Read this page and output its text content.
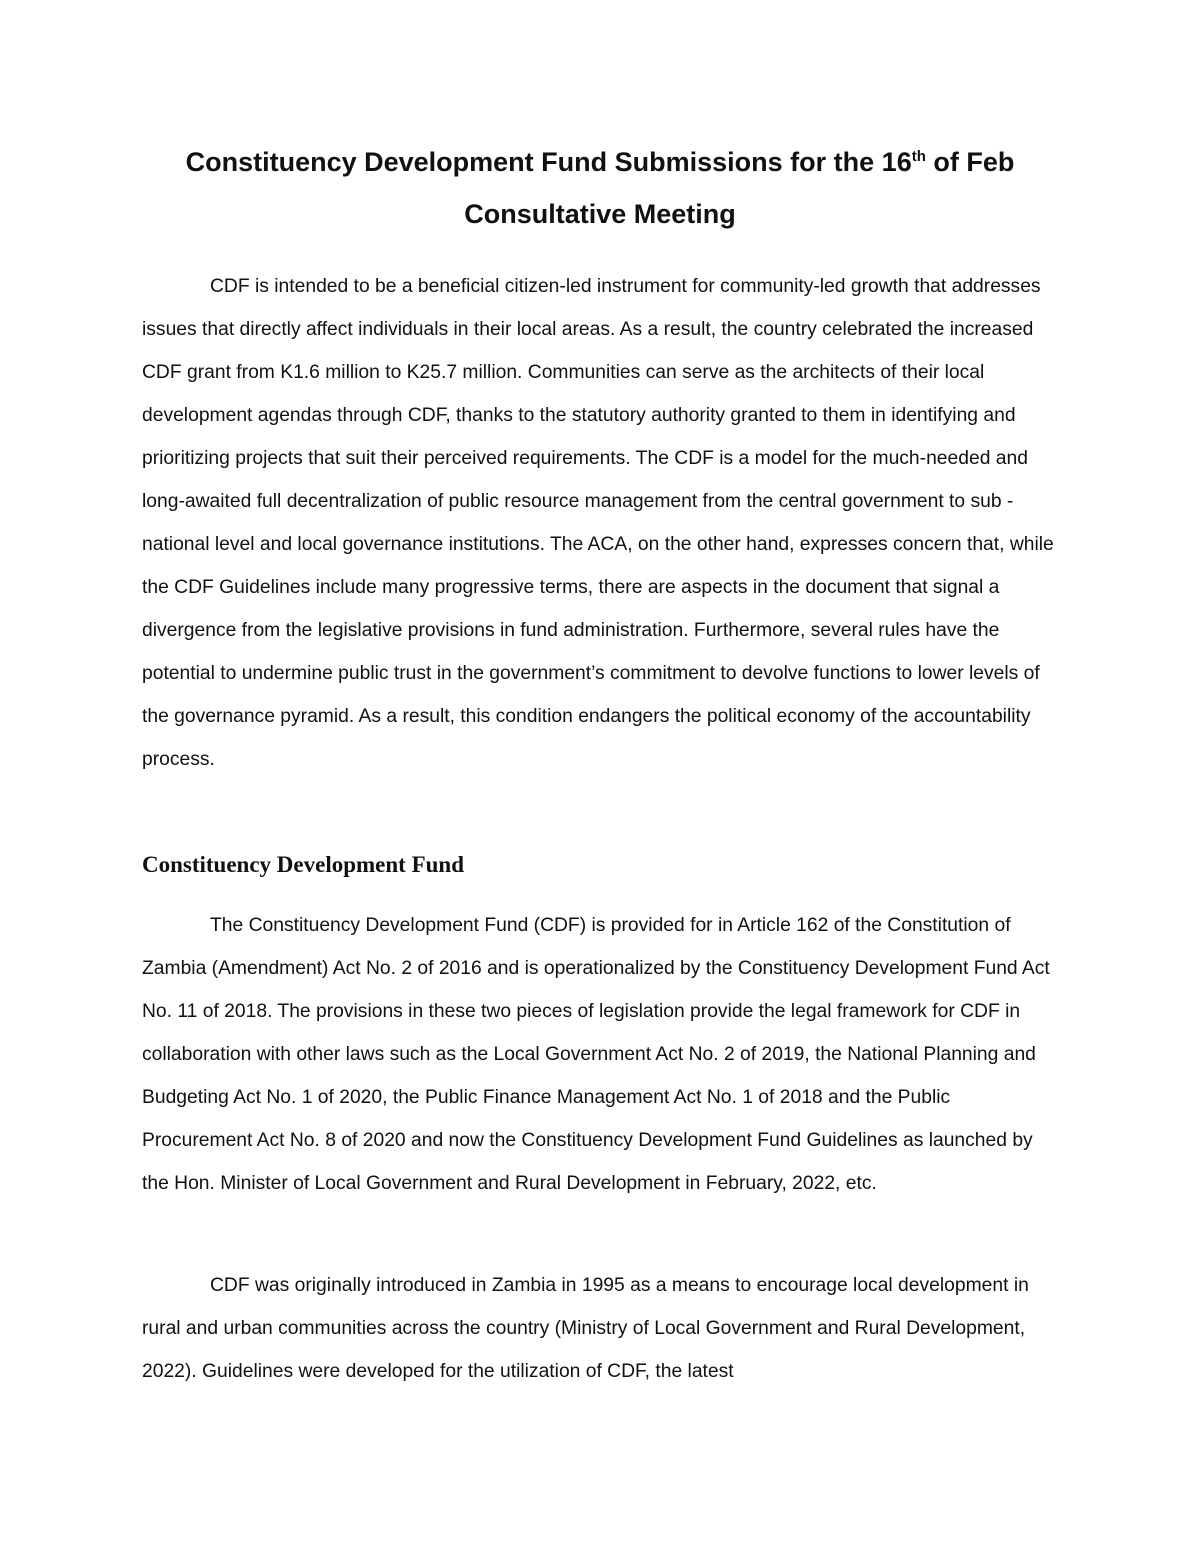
Constituency Development Fund Submissions for the 16th of Feb
Consultative Meeting

CDF is intended to be a beneficial citizen-led instrument for community-led growth that addresses issues that directly affect individuals in their local areas. As a result, the country celebrated the increased CDF grant from K1.6 million to K25.7 million. Communities can serve as the architects of their local development agendas through CDF, thanks to the statutory authority granted to them in identifying and prioritizing projects that suit their perceived requirements. The CDF is a model for the much-needed and long-awaited full decentralization of public resource management from the central government to sub - national level and local governance institutions. The ACA, on the other hand, expresses concern that, while the CDF Guidelines include many progressive terms, there are aspects in the document that signal a divergence from the legislative provisions in fund administration. Furthermore, several rules have the potential to undermine public trust in the government’s commitment to devolve functions to lower levels of the governance pyramid. As a result, this condition endangers the political economy of the accountability process.

Constituency Development Fund

The Constituency Development Fund (CDF) is provided for in Article 162 of the Constitution of Zambia (Amendment) Act No. 2 of 2016 and is operationalized by the Constituency Development Fund Act No. 11 of 2018. The provisions in these two pieces of legislation provide the legal framework for CDF in collaboration with other laws such as the Local Government Act No. 2 of 2019, the National Planning and Budgeting Act No. 1 of 2020, the Public Finance Management Act No. 1 of 2018 and the Public Procurement Act No. 8 of 2020 and now the Constituency Development Fund Guidelines as launched by the Hon. Minister of Local Government and Rural Development in February, 2022, etc.

CDF was originally introduced in Zambia in 1995 as a means to encourage local development in rural and urban communities across the country (Ministry of Local Government and Rural Development, 2022). Guidelines were developed for the utilization of CDF, the latest
